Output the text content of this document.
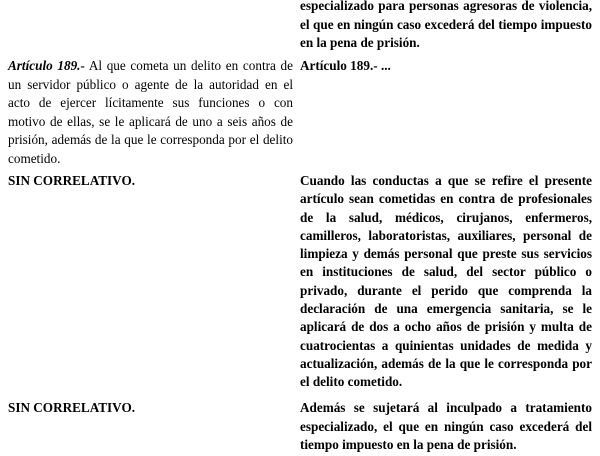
especializado para personas agresoras de violencia, el que en ningún caso excederá del tiempo impuesto en la pena de prisión.

Artículo 189.- Al que cometa un delito en contra de un servidor público o agente de la autoridad en el acto de ejercer lícitamente sus funciones o con motivo de ellas, se le aplicará de uno a seis años de prisión, además de la que le corresponda por el delito cometido.

Artículo 189.- ...

SIN CORRELATIVO.	Cuando las conductas a que se refire el presente artículo sean cometidas en contra de profesionales de la salud, médicos, cirujanos, enfermeros, camilleros, laboratoristas, auxiliares, personal de limpieza y demás personal que preste sus servicios en instituciones de salud, del sector público o privado, durante el perido que comprenda la declaración de una emergencia sanitaria, se le aplicará de dos a ocho años de prisión y multa de cuatrocientas a quinientas unidades de medida y actualización, además de la que le corresponda por el delito cometido.

SIN CORRELATIVO.	Además se sujetará al inculpado a tratamiento especializado, el que en ningún caso excederá del tiempo impuesto en la pena de prisión.
